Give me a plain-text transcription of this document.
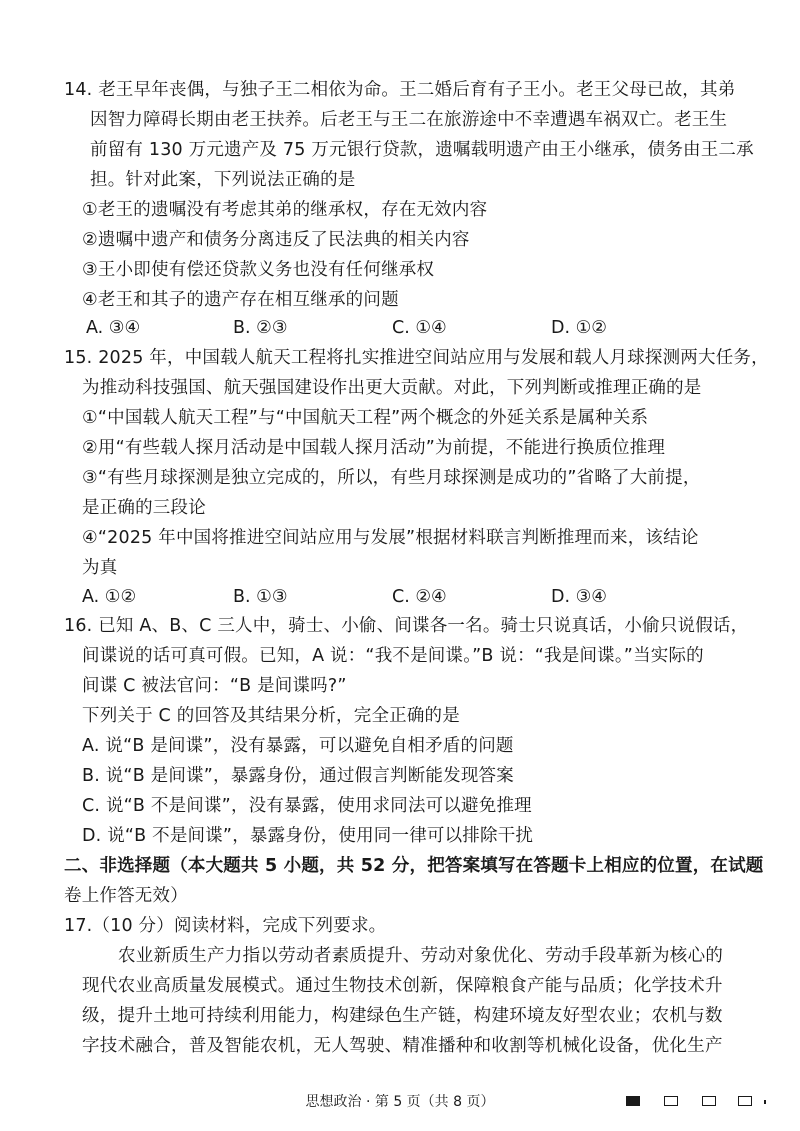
14. 老王早年丧偶，与独子王二相依为命。王二婚后育有子王小。老王父母已故，其弟
因智力障碍长期由老王扶养。后老王与王二在旅游途中不幸遭遇车祸双亡。老王生
前留有 130 万元遗产及 75 万元银行贷款，遗嘱载明遗产由王小继承，债务由王二承
担。针对此案，下列说法正确的是
①老王的遗嘱没有考虑其弟的继承权，存在无效内容
②遗嘱中遗产和债务分离违反了民法典的相关内容
③王小即使有偿还贷款义务也没有任何继承权
④老王和其子的遗产存在相互继承的问题
A. ③④	B. ②③	C. ①④	D. ①②
15. 2025 年，中国载人航天工程将扎实推进空间站应用与发展和载人月球探测两大任务，
为推动科技强国、航天强国建设作出更大贡献。对此，下列判断或推理正确的是
①“中国载人航天工程”与“中国航天工程”两个概念的外延关系是属种关系
②用“有些载人探月活动是中国载人探月活动”为前提，不能进行换质位推理
③“有些月球探测是独立完成的，所以，有些月球探测是成功的”省略了大前提，
是正确的三段论
④“2025 年中国将推进空间站应用与发展”根据材料联言判断推理而来，该结论
为真
A. ①②	B. ①③	C. ②④	D. ③④
16. 已知 A、B、C 三人中，骑士、小偷、间谍各一名。骑士只说真话，小偷只说假话，
间谍说的话可真可假。已知，A 说：“我不是间谍。”B 说：“我是间谍。”当实际的
间谍 C 被法官问：“B 是间谍吗?”
下列关于 C 的回答及其结果分析，完全正确的是
A. 说“B 是间谍”，没有暴露，可以避免自相矛盾的问题
B. 说“B 是间谍”，暴露身份，通过假言判断能发现答案
C. 说“B 不是间谍”，没有暴露，使用求同法可以避免推理
D. 说“B 不是间谍”，暴露身份，使用同一律可以排除干扰
二、非选择题（本大题共 5 小题，共 52 分，把答案填写在答题卡上相应的位置，在试题
卷上作答无效）
17.（10 分）阅读材料，完成下列要求。
农业新质生产力指以劳动者素质提升、劳动对象优化、劳动手段革新为核心的
现代农业高质量发展模式。通过生物技术创新，保障粮食产能与品质；化学技术升
级，提升土地可持续利用能力，构建绿色生产链，构建环境友好型农业；农机与数
字技术融合，普及智能农机，无人驾驶、精准播种和收割等机械化设备，优化生产
思想政治 · 第 5 页（共 8 页）
